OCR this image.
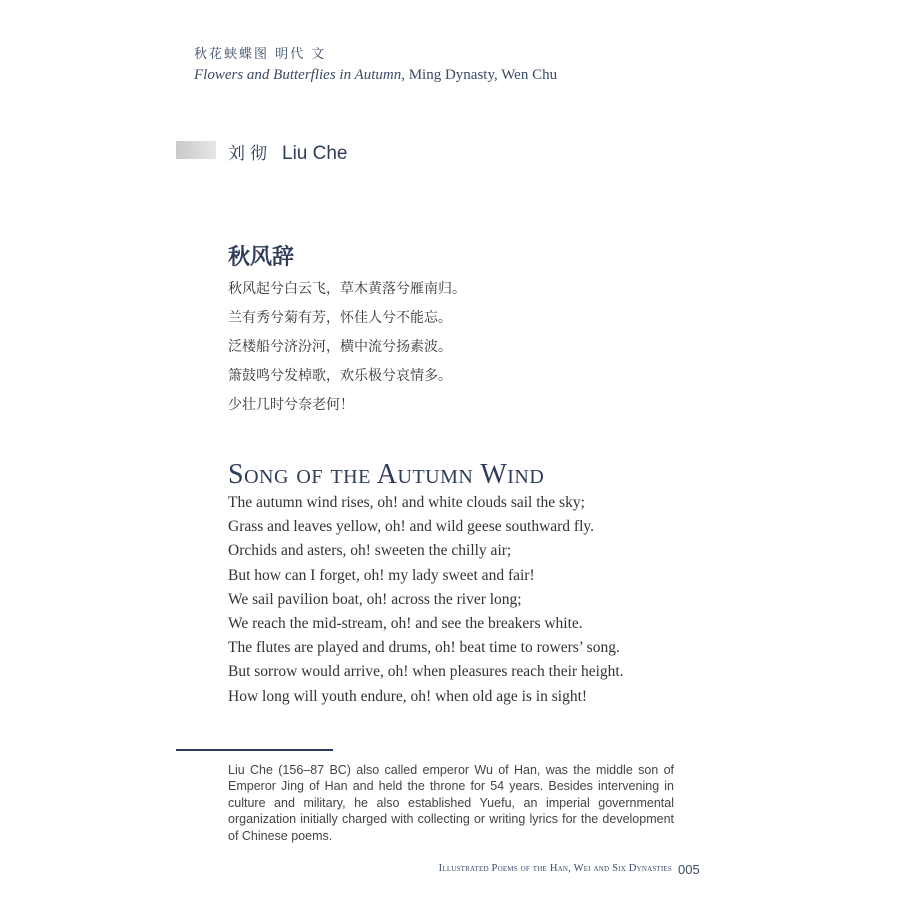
秋花蛱蝶图 明代 文
Flowers and Butterflies in Autumn, Ming Dynasty, Wen Chu
刘彻 Liu Che
秋风辞
秋风起兮白云飞，草木黄落兮雁南归。
兰有秀兮菊有芳，怀佳人兮不能忘。
泛楼船兮济汾河，横中流兮扬素波。
箫鼓鸣兮发棹歌，欢乐极兮哀情多。
少壮几时兮奈老何！
Song of the Autumn Wind
The autumn wind rises, oh! and white clouds sail the sky;
Grass and leaves yellow, oh! and wild geese southward fly.
Orchids and asters, oh! sweeten the chilly air;
But how can I forget, oh! my lady sweet and fair!
We sail pavilion boat, oh! across the river long;
We reach the mid-stream, oh! and see the breakers white.
The flutes are played and drums, oh! beat time to rowers’ song.
But sorrow would arrive, oh! when pleasures reach their height.
How long will youth endure, oh! when old age is in sight!
Liu Che (156–87 BC) also called emperor Wu of Han, was the middle son of Emperor Jing of Han and held the throne for 54 years. Besides intervening in culture and military, he also established Yuefu, an imperial governmental organization initially charged with collecting or writing lyrics for the development of Chinese poems.
Illustrated Poems of the Han, Wei and Six Dynasties 005
